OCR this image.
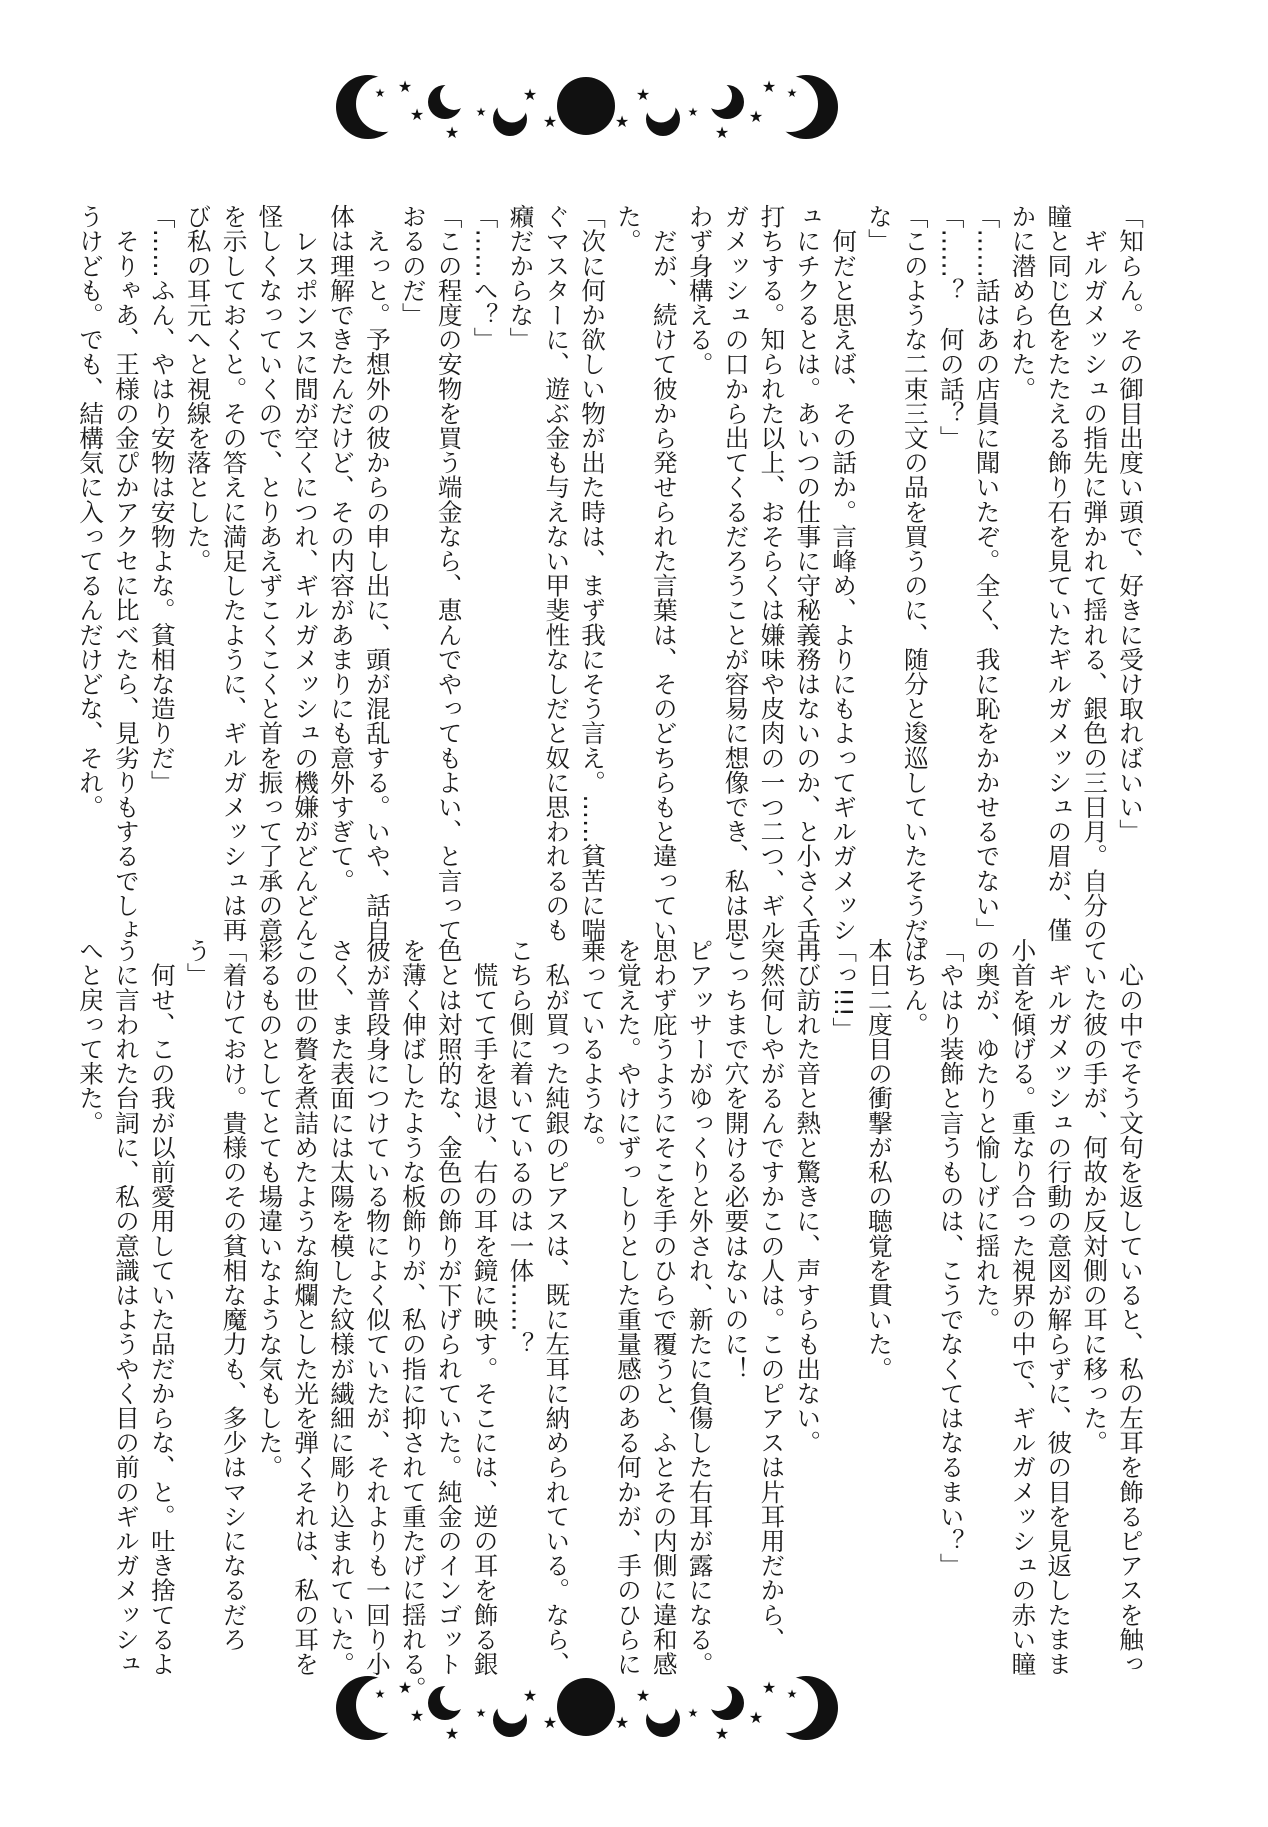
「知らん。その御目出度い頭で、好きに受け取ればいい」
　ギルガメッシュの指先に弾かれて揺れる、銀色の三日月。自分の
瞳と同じ色をたたえる飾り石を見ていたギルガメッシュの眉が、僅
かに潜められた。
「……話はあの店員に聞いたぞ。全く、我に恥をかかせるでない」
「……？　何の話？」
「このような二束三文の品を買うのに、随分と逡巡していたそうだ
な」
　何だと思えば、その話か。言峰め、よりにもよってギルガメッシ
ュにチクるとは。あいつの仕事に守秘義務はないのか、と小さく舌
打ちする。知られた以上、おそらくは嫌味や皮肉の一つ二つ、ギル
ガメッシュの口から出てくるだろうことが容易に想像でき、私は思
わず身構える。
　だが、続けて彼から発せられた言葉は、そのどちらもと違ってい
た。
「次に何か欲しい物が出た時は、まず我にそう言え。……貧苦に喘
ぐマスターに、遊ぶ金も与えない甲斐性なしだと奴に思われるのも
癪だからな」
「……へ？」
「この程度の安物を買う端金なら、恵んでやってもよい、と言って
おるのだ」
　えっと。予想外の彼からの申し出に、頭が混乱する。いや、話自
体は理解できたんだけど、その内容があまりにも意外すぎて。
　レスポンスに間が空くにつれ、ギルガメッシュの機嫌がどんどん
怪しくなっていくので、とりあえずこくこくと首を振って了承の意
を示しておくと。その答えに満足したように、ギルガメッシュは再
び私の耳元へと視線を落とした。
「……ふん、やはり安物は安物よな。貧相な造りだ」
　そりゃあ、王様の金ぴかアクセに比べたら、見劣りもするでしょ
うけども。でも、結構気に入ってるんだけどな、それ。
　心の中でそう文句を返していると、私の左耳を飾るピアスを触っ
ていた彼の手が、何故か反対側の耳に移った。
　ギルガメッシュの行動の意図が解らずに、彼の目を見返したまま
小首を傾げる。重なり合った視界の中で、ギルガメッシュの赤い瞳
の奥が、ゆたりと愉しげに揺れた。
「やはり装飾と言うものは、こうでなくてはなるまい？」
ぱちん。
本日二度目の衝撃が私の聴覚を貫いた。
「っ!!!」
再び訪れた音と熱と驚きに、声すらも出ない。
突然何しやがるんですかこの人は。このピアスは片耳用だから、
こっちまで穴を開ける必要はないのに！
ピアッサーがゆっくりと外され、新たに負傷した右耳が露になる。
思わず庇うようにそこを手のひらで覆うと、ふとその内側に違和感
を覚えた。やけにずっしりとした重量感のある何かが、手のひらに
乗っているような。
　私が買った純銀のピアスは、既に左耳に納められている。なら、
こちら側に着いているのは一体……？
　慌てて手を退け、右の耳を鏡に映す。そこには、逆の耳を飾る銀
色とは対照的な、金色の飾りが下げられていた。純金のインゴット
を薄く伸ばしたような板飾りが、私の指に抑されて重たげに揺れる。
彼が普段身につけている物によく似ていたが、それよりも一回り小
さく、また表面には太陽を模した紋様が繊細に彫り込まれていた。
この世の贅を煮詰めたような絢爛とした光を弾くそれは、私の耳を
彩るものとしてとても場違いなような気もした。
「着けておけ。貴様のその貧相な魔力も、多少はマシになるだろ
う」
　何せ、この我が以前愛用していた品だからな、と。吐き捨てるよ
うに言われた台詞に、私の意識はようやく目の前のギルガメッシュ
へと戻って来た。
